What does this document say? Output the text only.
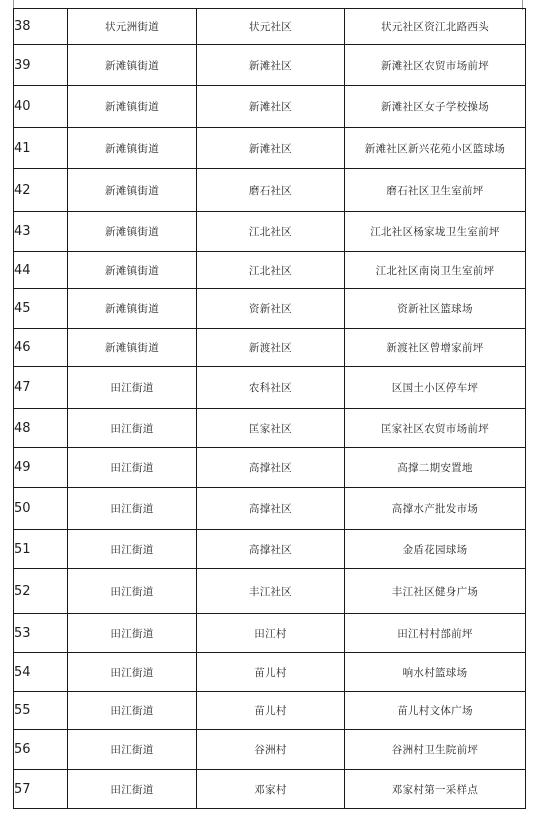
38	状元洲街道	状元社区	状元社区资江北路西头
39	新滩镇街道	新滩社区	新滩社区农贸市场前坪
40	新滩镇街道	新滩社区	新滩社区女子学校操场
41	新滩镇街道	新滩社区	新滩社区新兴花苑小区篮球场
42	新滩镇街道	磨石社区	磨石社区卫生室前坪
43	新滩镇街道	江北社区	江北社区杨家垅卫生室前坪
44	新滩镇街道	江北社区	江北社区南岗卫生室前坪
45	新滩镇街道	资新社区	资新社区篮球场
46	新滩镇街道	新渡社区	新渡社区曾增家前坪
47	田江街道	农科社区	区国土小区停车坪
48	田江街道	匡家社区	匡家社区农贸市场前坪
49	田江街道	高撑社区	高撑二期安置地
50	田江街道	高撑社区	高撑水产批发市场
51	田江街道	高撑社区	金盾花园球场
52	田江街道	丰江社区	丰江社区健身广场
53	田江街道	田江村	田江村村部前坪
54	田江街道	苗儿村	响水村篮球场
55	田江街道	苗儿村	苗儿村文体广场
56	田江街道	谷洲村	谷洲村卫生院前坪
57	田江街道	邓家村	邓家村第一采样点
